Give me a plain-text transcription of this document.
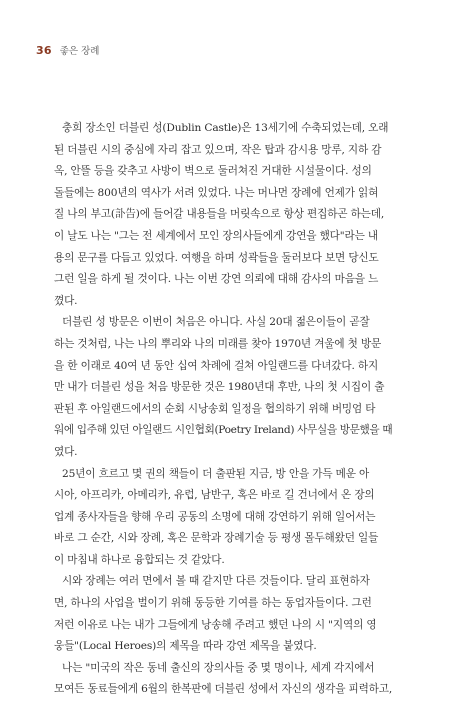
36 좋은 장례
충희 장소인 더블린 성(Dublin Castle)은 13세기에 수축되었는데, 오래
된 더블린 시의 중심에 자리 잡고 있으며, 작은 탑과 감시용 망루, 지하 감
옥, 안뜰 등을 갖추고 사방이 벽으로 둘러쳐진 거대한 시설물이다. 성의
돌들에는 800년의 역사가 서려 있었다. 나는 머나먼 장례에 언제가 읽혀
질 나의 부고(訃告)에 들어갈 내용들을 머릿속으로 항상 편집하곤 하는데,
이 날도 나는 "그는 전 세계에서 모인 장의사들에게 강연을 했다"라는 내
용의 문구를 다듬고 있었다. 여행을 하며 성곽들을 둘러보다 보면 당신도
그런 일을 하게 될 것이다. 나는 이번 강연 의뢰에 대해 감사의 마음을 느
꼈다.
더블린 성 방문은 이번이 처음은 아니다. 사실 20대 젊은이들이 곧잘
하는 것처럼, 나는 나의 뿌리와 나의 미래를 찾아 1970년 겨울에 첫 방문
을 한 이래로 40여 년 동안 십여 차례에 걸쳐 아일랜드를 다녀갔다. 하지
만 내가 더블린 성을 처음 방문한 것은 1980년대 후반, 나의 첫 시집이 출
판된 후 아일랜드에서의 순회 시낭송회 일정을 협의하기 위해 버밍엄 타
워에 입주해 있던 아일랜드 시인협회(Poetry Ireland) 사무실을 방문했을 때
였다.
25년이 흐르고 몇 권의 책들이 더 출판된 지금, 방 안을 가득 메운 아
시아, 아프리카, 아메리카, 유럽, 남반구, 혹은 바로 길 건너에서 온 장의
업계 종사자들을 향해 우리 공동의 소명에 대해 강연하기 위해 일어서는
바로 그 순간, 시와 장례, 혹은 문학과 장례기술 등 평생 몰두해왔던 일들
이 마침내 하나로 융합되는 것 같았다.
시와 장례는 여러 면에서 볼 때 같지만 다른 것들이다. 달리 표현하자
면, 하나의 사업을 벌이기 위해 동등한 기여를 하는 동업자들이다. 그런
저런 이유로 나는 내가 그들에게 낭송해 주려고 했던 나의 시 "지역의 영
웅들"(Local Heroes)의 제목을 따라 강연 제목을 붙였다.
나는 "미국의 작은 동네 출신의 장의사들 중 몇 명이나, 세계 각지에서
모여든 동료들에게 6월의 한복판에 더블린 성에서 자신의 생각을 피력하고,
